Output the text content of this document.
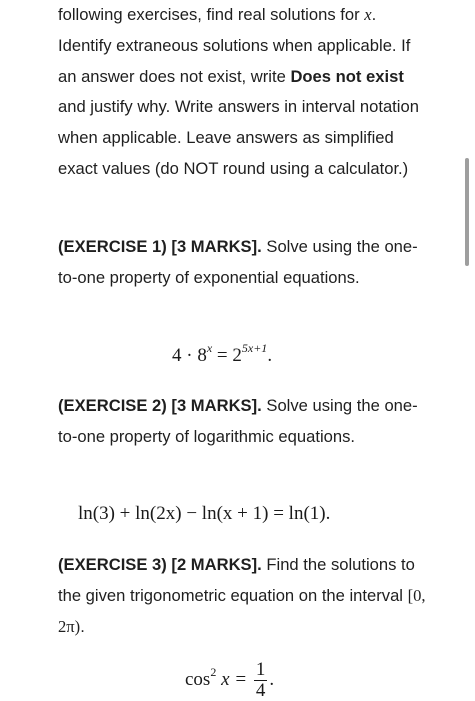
following exercises, find real solutions for x.
Identify extraneous solutions when applicable. If an answer does not exist, write Does not exist and justify why. Write answers in interval notation when applicable. Leave answers as simplified exact values (do NOT round using a calculator.)

(EXERCISE 1) [3 MARKS]. Solve using the one-to-one property of exponential equations.

(EXERCISE 2) [3 MARKS]. Solve using the one-to-one property of logarithmic equations.

(EXERCISE 3) [2 MARKS]. Find the solutions to the given trigonometric equation on the interval [0, 2π).

$4 \cdot 8^x = 2^{5x+1}$.
ln(3) + ln(2x) − ln(x + 1) = ln(1).
$\cos^2 x = \frac{1}{4}$ .
